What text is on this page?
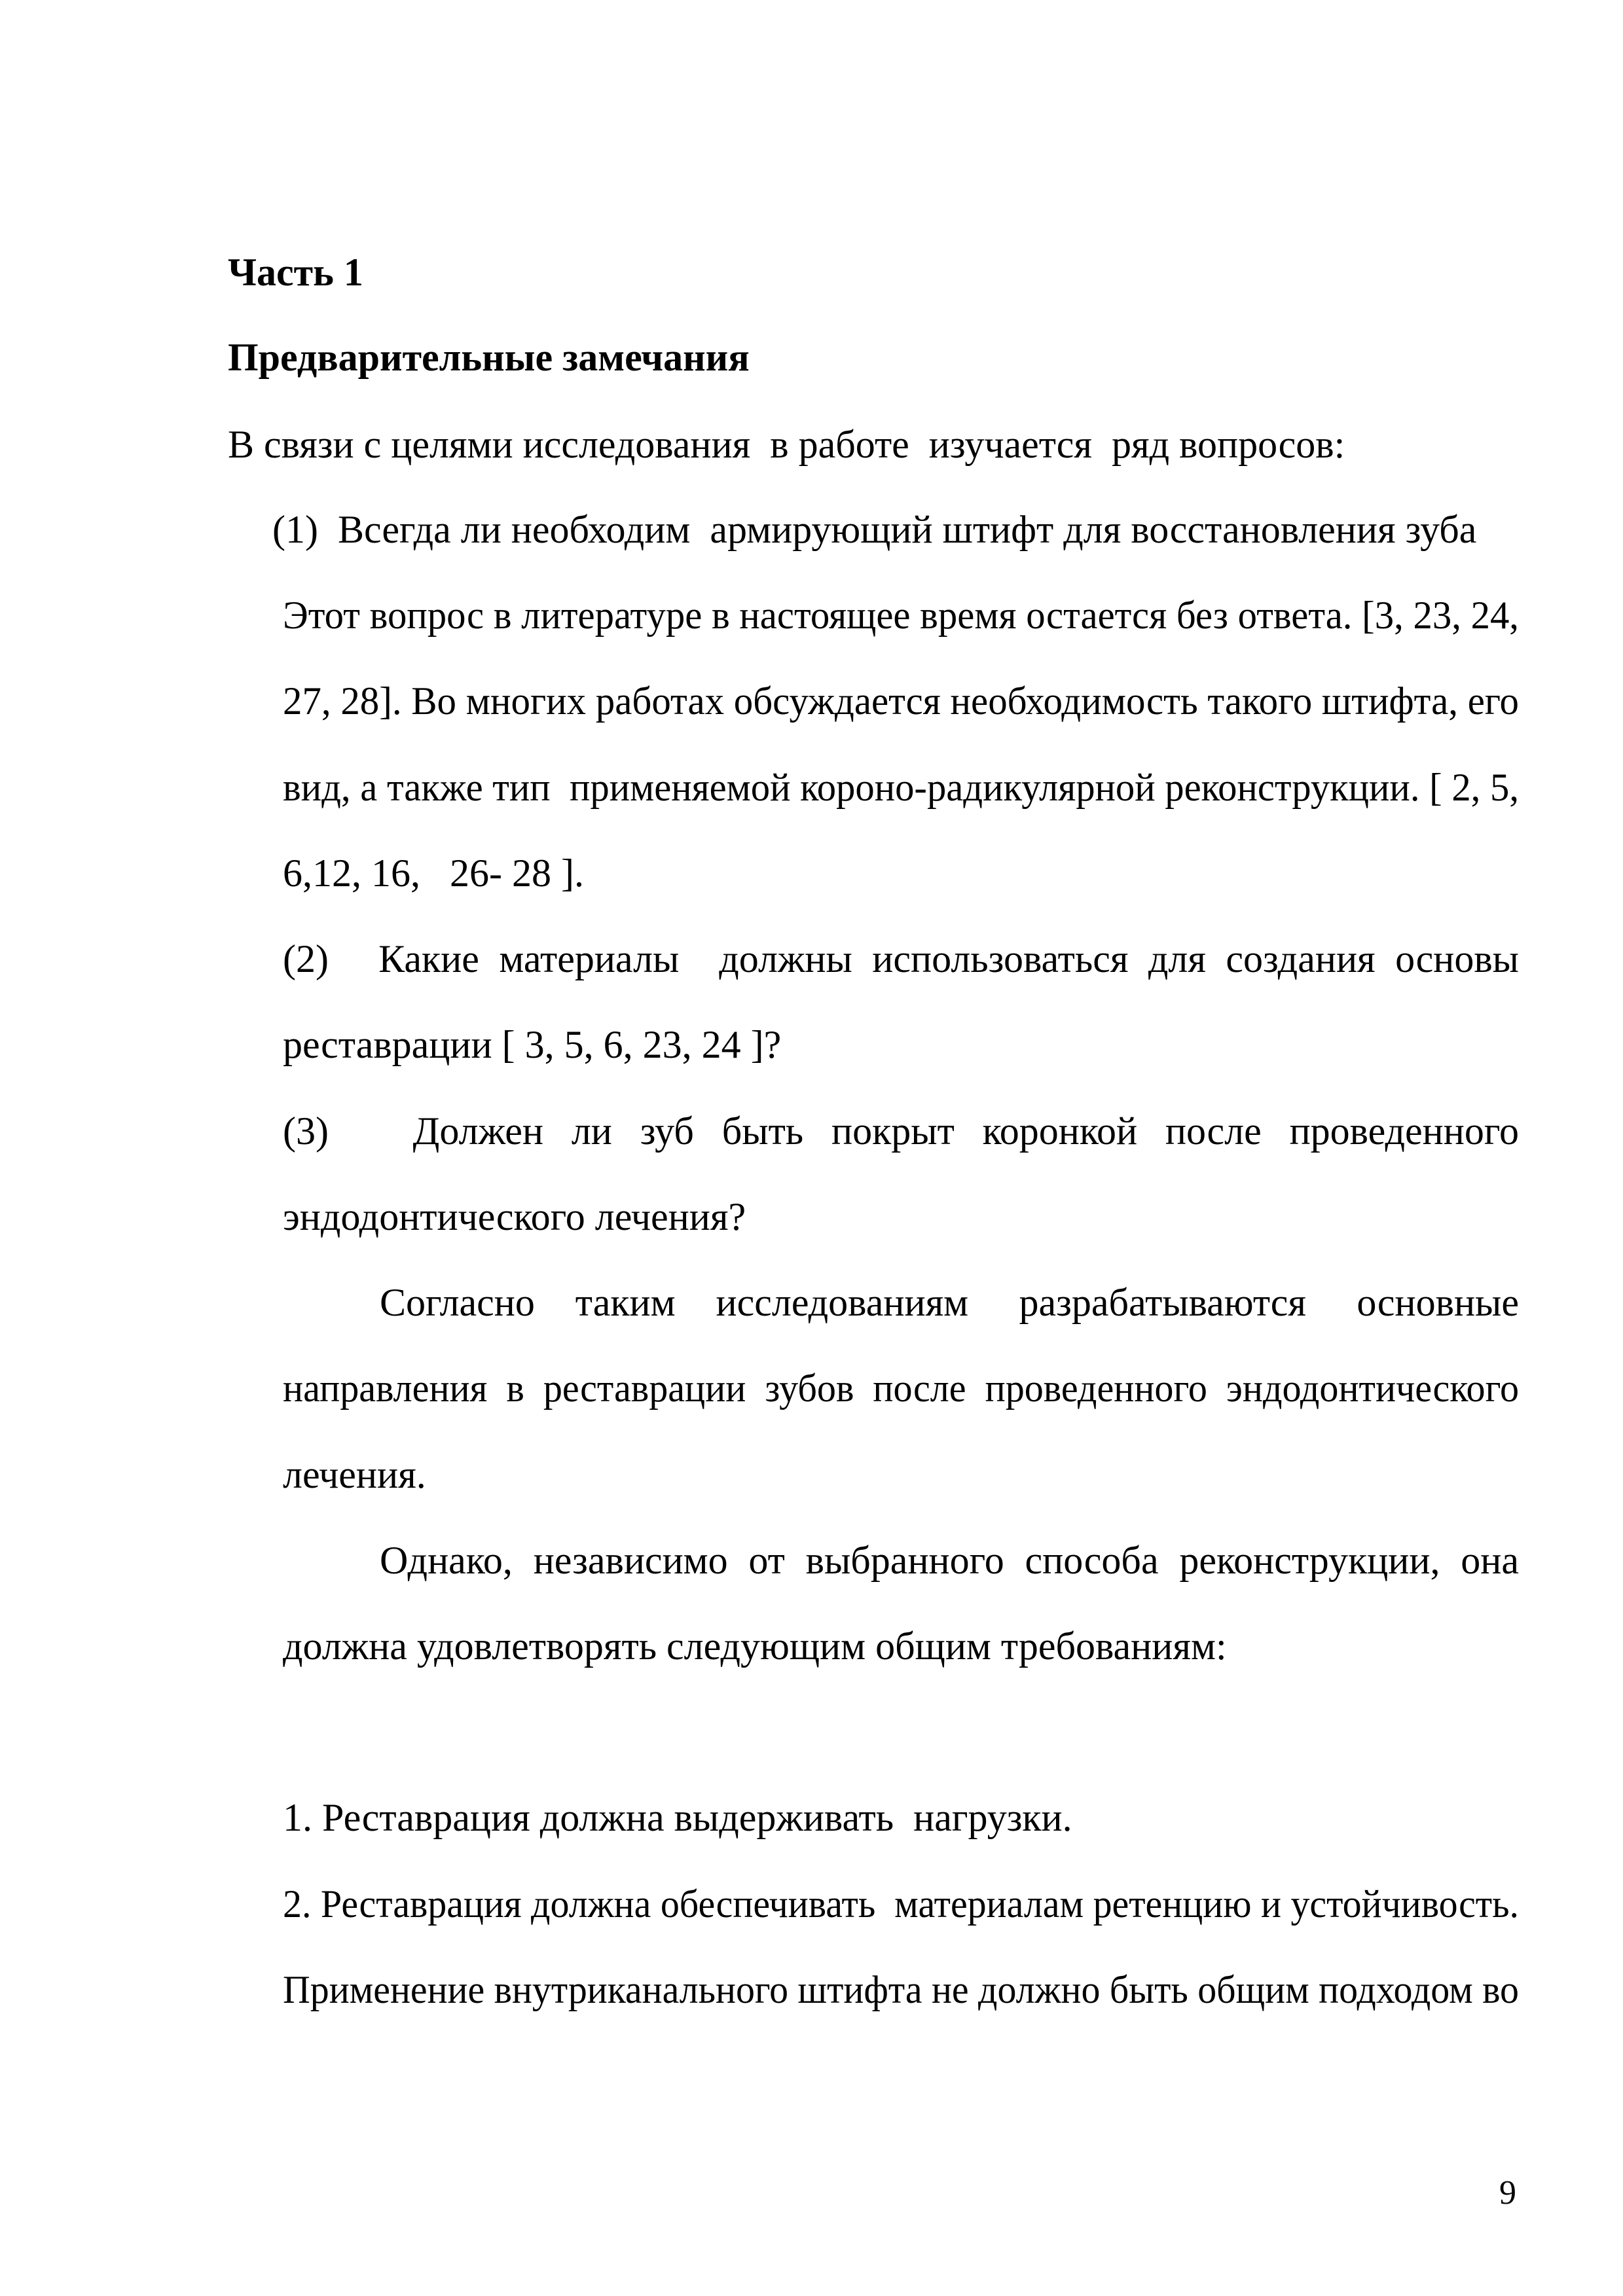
Часть 1
Предварительные замечания
В связи с целями исследования  в работе  изучается  ряд вопросов:
(1)  Всегда ли необходим  армирующий штифт для восстановления зуба
Этот вопрос в литературе в настоящее время остается без ответа. [3, 23, 24,
27, 28]. Во многих работах обсуждается необходимость такого штифта, его
вид, а также тип  применяемой короно-радикулярной реконструкции. [ 2, 5,
6,12, 16,   26- 28 ].
(2)     Какие  материалы    должны  использоваться  для  создания  основы
реставрации [ 3, 5, 6, 23, 24 ]?
(3)      Должен  ли  зуб  быть  покрыт  коронкой  после  проведенного
эндодонтического лечения?
Согласно    таким    исследованиям     разрабатываются     основные
направления  в  реставрации  зубов  после  проведенного  эндодонтического
лечения.
Однако,  независимо  от  выбранного  способа  реконструкции,  она
должна удовлетворять следующим общим требованиям:
1. Реставрация должна выдерживать  нагрузки.
2. Реставрация должна обеспечивать  материалам ретенцию и устойчивость.
Применение внутриканального штифта не должно быть общим подходом во
9
